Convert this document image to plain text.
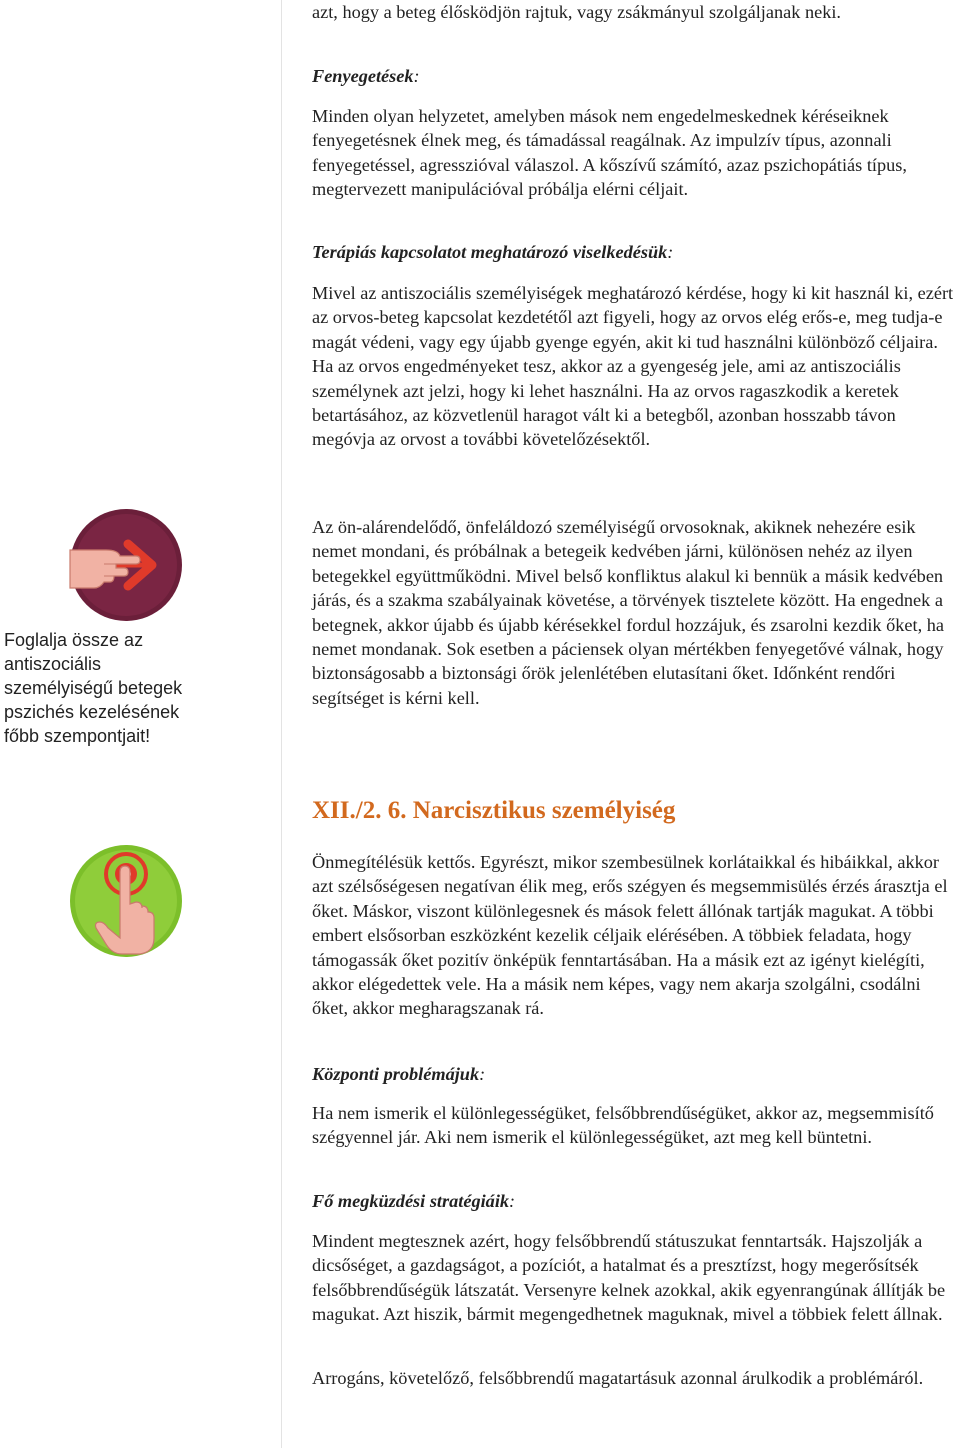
Foglalja össze az antiszociális személyiségű betegek pszichés kezelésének főbb szempontjait!

azt, hogy a beteg élősködjön rajtuk, vagy zsákmányul szolgáljanak neki.

Fenyegetések:

Minden olyan helyzetet, amelyben mások nem engedelmeskednek kéréseiknek fenyegetésnek élnek meg, és támadással reagálnak. Az impulzív típus, azonnali fenyegetéssel, agresszióval válaszol. A kőszívű számító, azaz pszichopátiás típus, megtervezett manipulációval próbálja elérni céljait.

Terápiás kapcsolatot meghatározó viselkedésük:

Mivel az antiszociális személyiségek meghatározó kérdése, hogy ki kit használ ki, ezért az orvos-beteg kapcsolat kezdetétől azt figyeli, hogy az orvos elég erős-e, meg tudja-e magát védeni, vagy egy újabb gyenge egyén, akit ki tud használni különböző céljaira. Ha az orvos engedményeket tesz, akkor az a gyengeség jele, ami az antiszociális személynek azt jelzi, hogy ki lehet használni. Ha az orvos ragaszkodik a keretek betartásához, az közvetlenül haragot vált ki a betegből, azonban hosszabb távon megóvja az orvost a további követelőzésektől.

Az ön-alárendelődő, önfeláldozó személyiségű orvosoknak, akiknek nehezére esik nemet mondani, és próbálnak a betegeik kedvében járni, különösen nehéz az ilyen betegekkel együttműködni. Mivel belső konfliktus alakul ki bennük a másik kedvében járás, és a szakma szabályainak követése, a törvények tisztelete között. Ha engednek a betegnek, akkor újabb és újabb kérésekkel fordul hozzájuk, és zsarolni kezdik őket, ha nemet mondanak. Sok esetben a páciensek olyan mértékben fenyegetővé válnak, hogy biztonságosabb a biztonsági őrök jelenlétében elutasítani őket. Időnként rendőri segítséget is kérni kell.

XII./2. 6. Narcisztikus személyiség

Önmegítélésük kettős. Egyrészt, mikor szembesülnek korlátaikkal és hibáikkal, akkor azt szélsőségesen negatívan élik meg, erős szégyen és megsemmisülés érzés árasztja el őket. Máskor, viszont különlegesnek és mások felett állónak tartják magukat. A többi embert elsősorban eszközként kezelik céljaik elérésében. A többiek feladata, hogy támogassák őket pozitív önképük fenntartásában. Ha a másik ezt az igényt kielégíti, akkor elégedettek vele. Ha a másik nem képes, vagy nem akarja szolgálni, csodálni őket, akkor megharagszanak rá.

Központi problémájuk:

Ha nem ismerik el különlegességüket, felsőbbrendűségüket, akkor az, megsemmisítő szégyennel jár. Aki nem ismerik el különlegességüket, azt meg kell büntetni.

Fő megküzdési stratégiáik:

Mindent megtesznek azért, hogy felsőbbrendű státuszukat fenntartsák. Hajszolják a dicsőséget, a gazdagságot, a pozíciót, a hatalmat és a presztízst, hogy megerősítsék felsőbbrendűségük látszatát. Versenyre kelnek azokkal, akik egyenrangúnak állítják be magukat. Azt hiszik, bármit megengedhetnek maguknak, mivel a többiek felett állnak.

Arrogáns, követelőző, felsőbbrendű magatartásuk azonnal árulkodik a problémáról.
